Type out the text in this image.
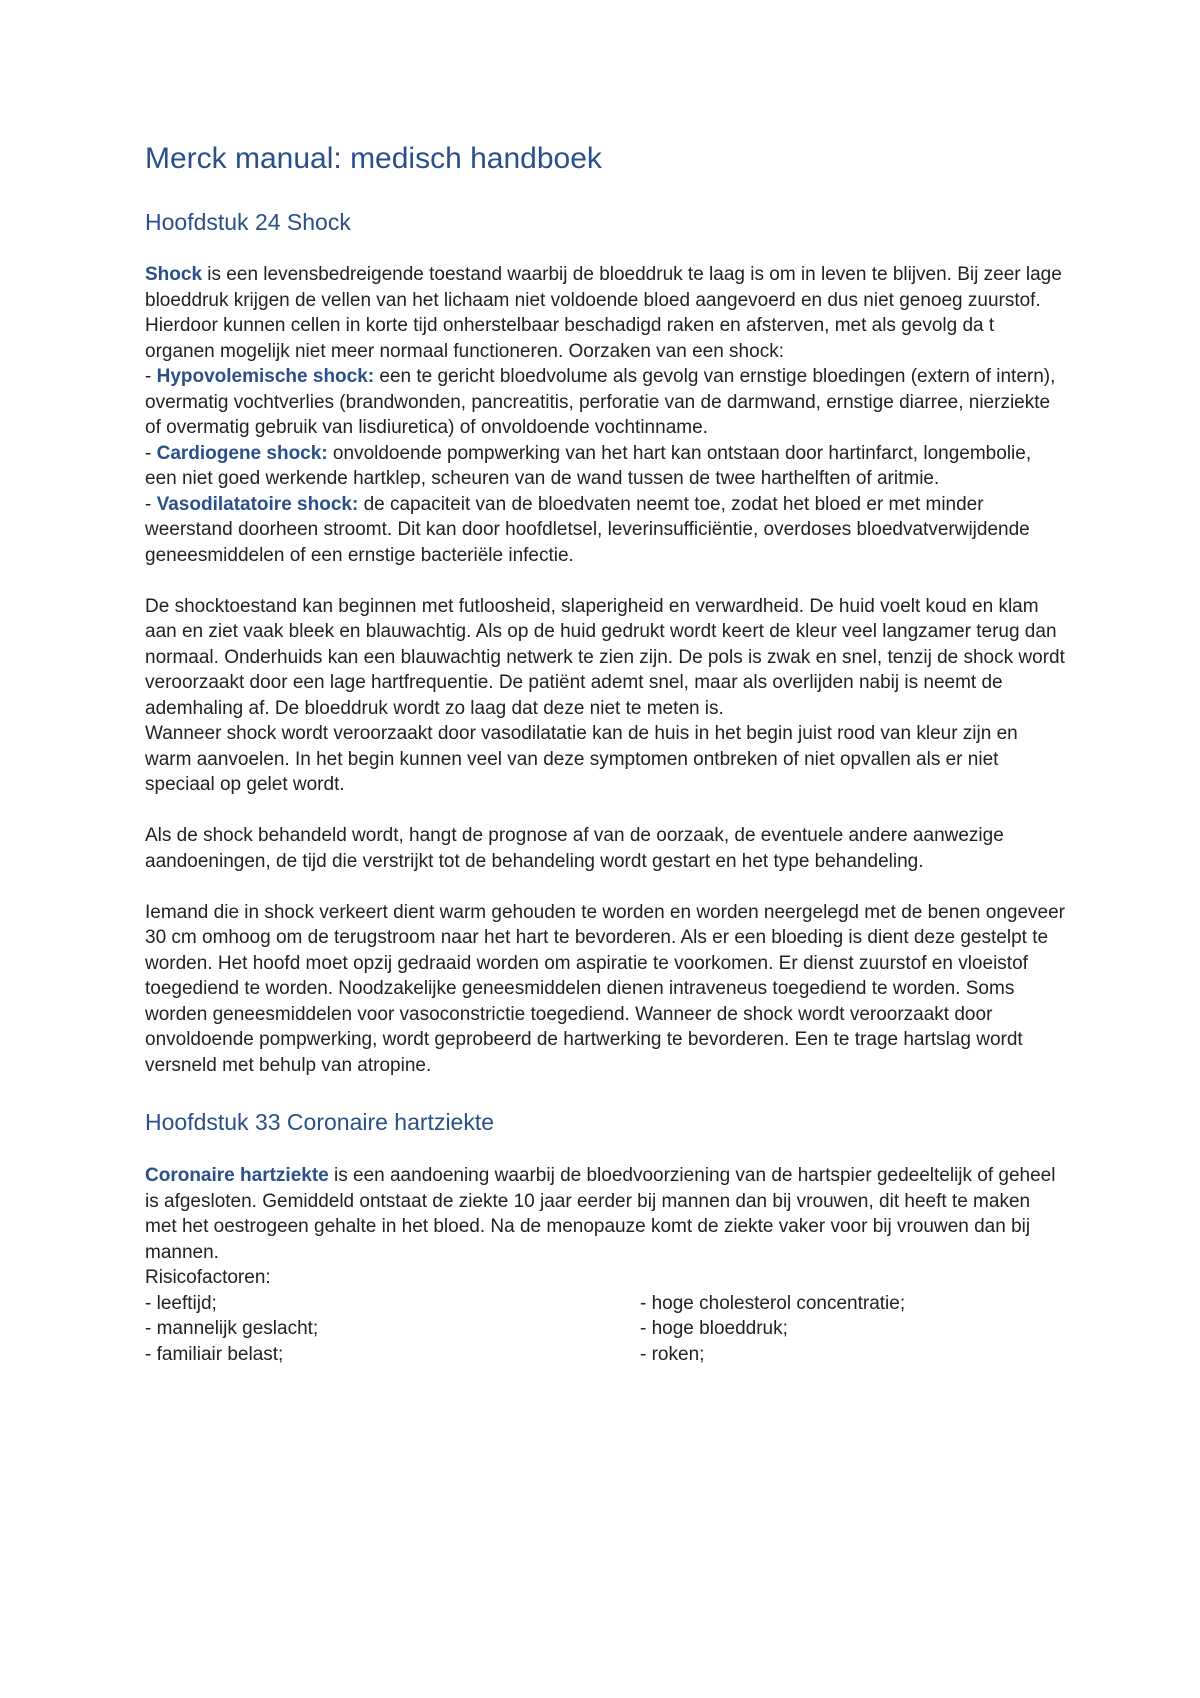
Merck manual: medisch handboek
Hoofdstuk 24 Shock

Shock is een levensbedreigende toestand waarbij de bloeddruk te laag is om in leven te blijven. Bij zeer lage bloeddruk krijgen de vellen van het lichaam niet voldoende bloed aangevoerd en dus niet genoeg zuurstof. Hierdoor kunnen cellen in korte tijd onherstelbaar beschadigd raken en afsterven, met als gevolg da t organen mogelijk niet meer normaal functioneren. Oorzaken van een shock:

- Hypovolemische shock: een te gericht bloedvolume als gevolg van ernstige bloedingen (extern of intern), overmatig vochtverlies (brandwonden, pancreatitis, perforatie van de darmwand, ernstige diarree, nierziekte of overmatig gebruik van lisdiuretica) of onvoldoende vochtinname.

- Cardiogene shock: onvoldoende pompwerking van het hart kan ontstaan door hartinfarct, longembolie, een niet goed werkende hartklep, scheuren van de wand tussen de twee harthelften of aritmie.

- Vasodilatatoire shock: de capaciteit van de bloedvaten neemt toe, zodat het bloed er met minder weerstand doorheen stroomt. Dit kan door hoofdletsel, leverinsufficiëntie, overdoses bloedvatverwijdende geneesmiddelen of een ernstige bacteriële infectie.

De shocktoestand kan beginnen met futloosheid, slaperigheid en verwardheid. De huid voelt koud en klam aan en ziet vaak bleek en blauwachtig. Als op de huid gedrukt wordt keert de kleur veel langzamer terug dan normaal. Onderhuids kan een blauwachtig netwerk te zien zijn. De pols is zwak en snel, tenzij de shock wordt veroorzaakt door een lage hartfrequentie. De patiënt ademt snel, maar als overlijden nabij is neemt de ademhaling af. De bloeddruk wordt zo laag dat deze niet te meten is.

Wanneer shock wordt veroorzaakt door vasodilatatie kan de huis in het begin juist rood van kleur zijn en warm aanvoelen. In het begin kunnen veel van deze symptomen ontbreken of niet opvallen als er niet speciaal op gelet wordt.

Als de shock behandeld wordt, hangt de prognose af van de oorzaak, de eventuele andere aanwezige aandoeningen, de tijd die verstrijkt tot de behandeling wordt gestart en het type behandeling.

Iemand die in shock verkeert dient warm gehouden te worden en worden neergelegd met de benen ongeveer 30 cm omhoog om de terugstroom naar het hart te bevorderen. Als er een bloeding is dient deze gestelpt te worden. Het hoofd moet opzij gedraaid worden om aspiratie te voorkomen. Er dienst zuurstof en vloeistof toegediend te worden. Noodzakelijke geneesmiddelen dienen intraveneus toegediend te worden. Soms worden geneesmiddelen voor vasoconstrictie toegediend. Wanneer de shock wordt veroorzaakt door onvoldoende pompwerking, wordt geprobeerd de hartwerking te bevorderen. Een te trage hartslag wordt versneld met behulp van atropine.

Hoofdstuk 33 Coronaire hartziekte

Coronaire hartziekte is een aandoening waarbij de bloedvoorziening van de hartspier gedeeltelijk of geheel is afgesloten. Gemiddeld ontstaat de ziekte 10 jaar eerder bij mannen dan bij vrouwen, dit heeft te maken met het oestrogeen gehalte in het bloed. Na de menopauze komt de ziekte vaker voor bij vrouwen dan bij mannen.

Risicofactoren:
- leeftijd;	- hoge cholesterol concentratie;
- mannelijk geslacht;	- hoge bloeddruk;
- familiair belast;	- roken;
